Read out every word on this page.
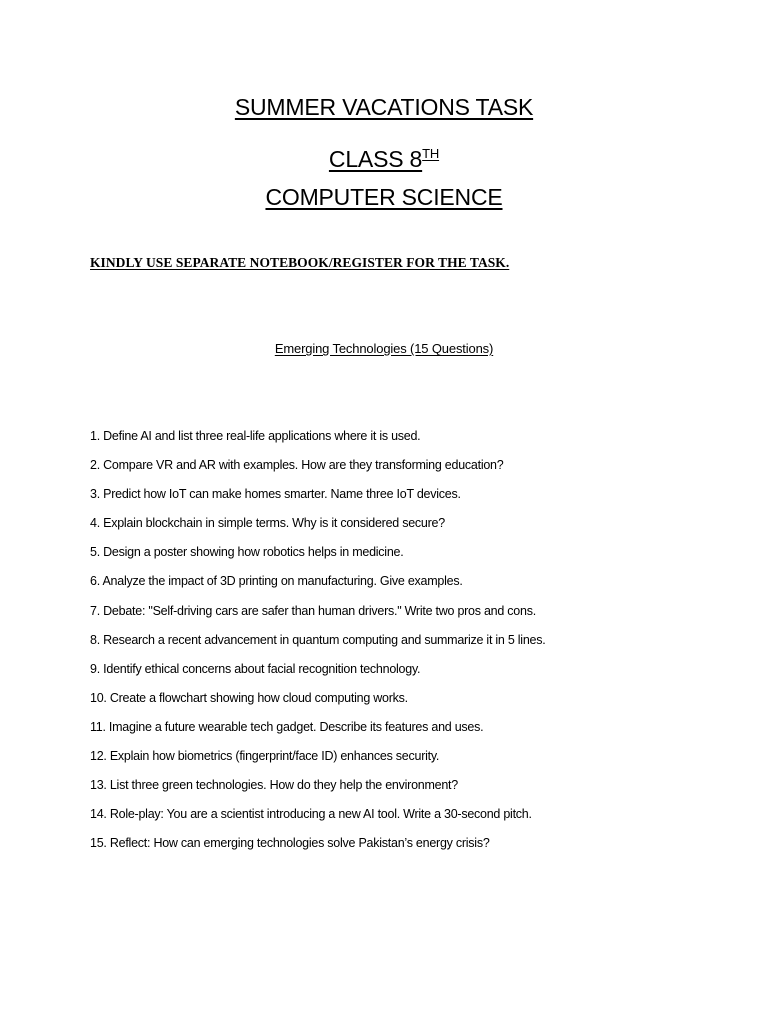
SUMMER VACATIONS TASK
CLASS 8TH
COMPUTER SCIENCE
KINDLY USE SEPARATE NOTEBOOK/REGISTER FOR THE TASK.
Emerging Technologies (15 Questions)
1. Define AI and list three real-life applications where it is used.
2. Compare VR and AR with examples. How are they transforming education?
3. Predict how IoT can make homes smarter. Name three IoT devices.
4. Explain blockchain in simple terms. Why is it considered secure?
5. Design a poster showing how robotics helps in medicine.
6. Analyze the impact of 3D printing on manufacturing. Give examples.
7. Debate: "Self-driving cars are safer than human drivers." Write two pros and cons.
8. Research a recent advancement in quantum computing and summarize it in 5 lines.
9. Identify ethical concerns about facial recognition technology.
10. Create a flowchart showing how cloud computing works.
11. Imagine a future wearable tech gadget. Describe its features and uses.
12. Explain how biometrics (fingerprint/face ID) enhances security.
13. List three green technologies. How do they help the environment?
14. Role-play: You are a scientist introducing a new AI tool. Write a 30-second pitch.
15. Reflect: How can emerging technologies solve Pakistan’s energy crisis?
